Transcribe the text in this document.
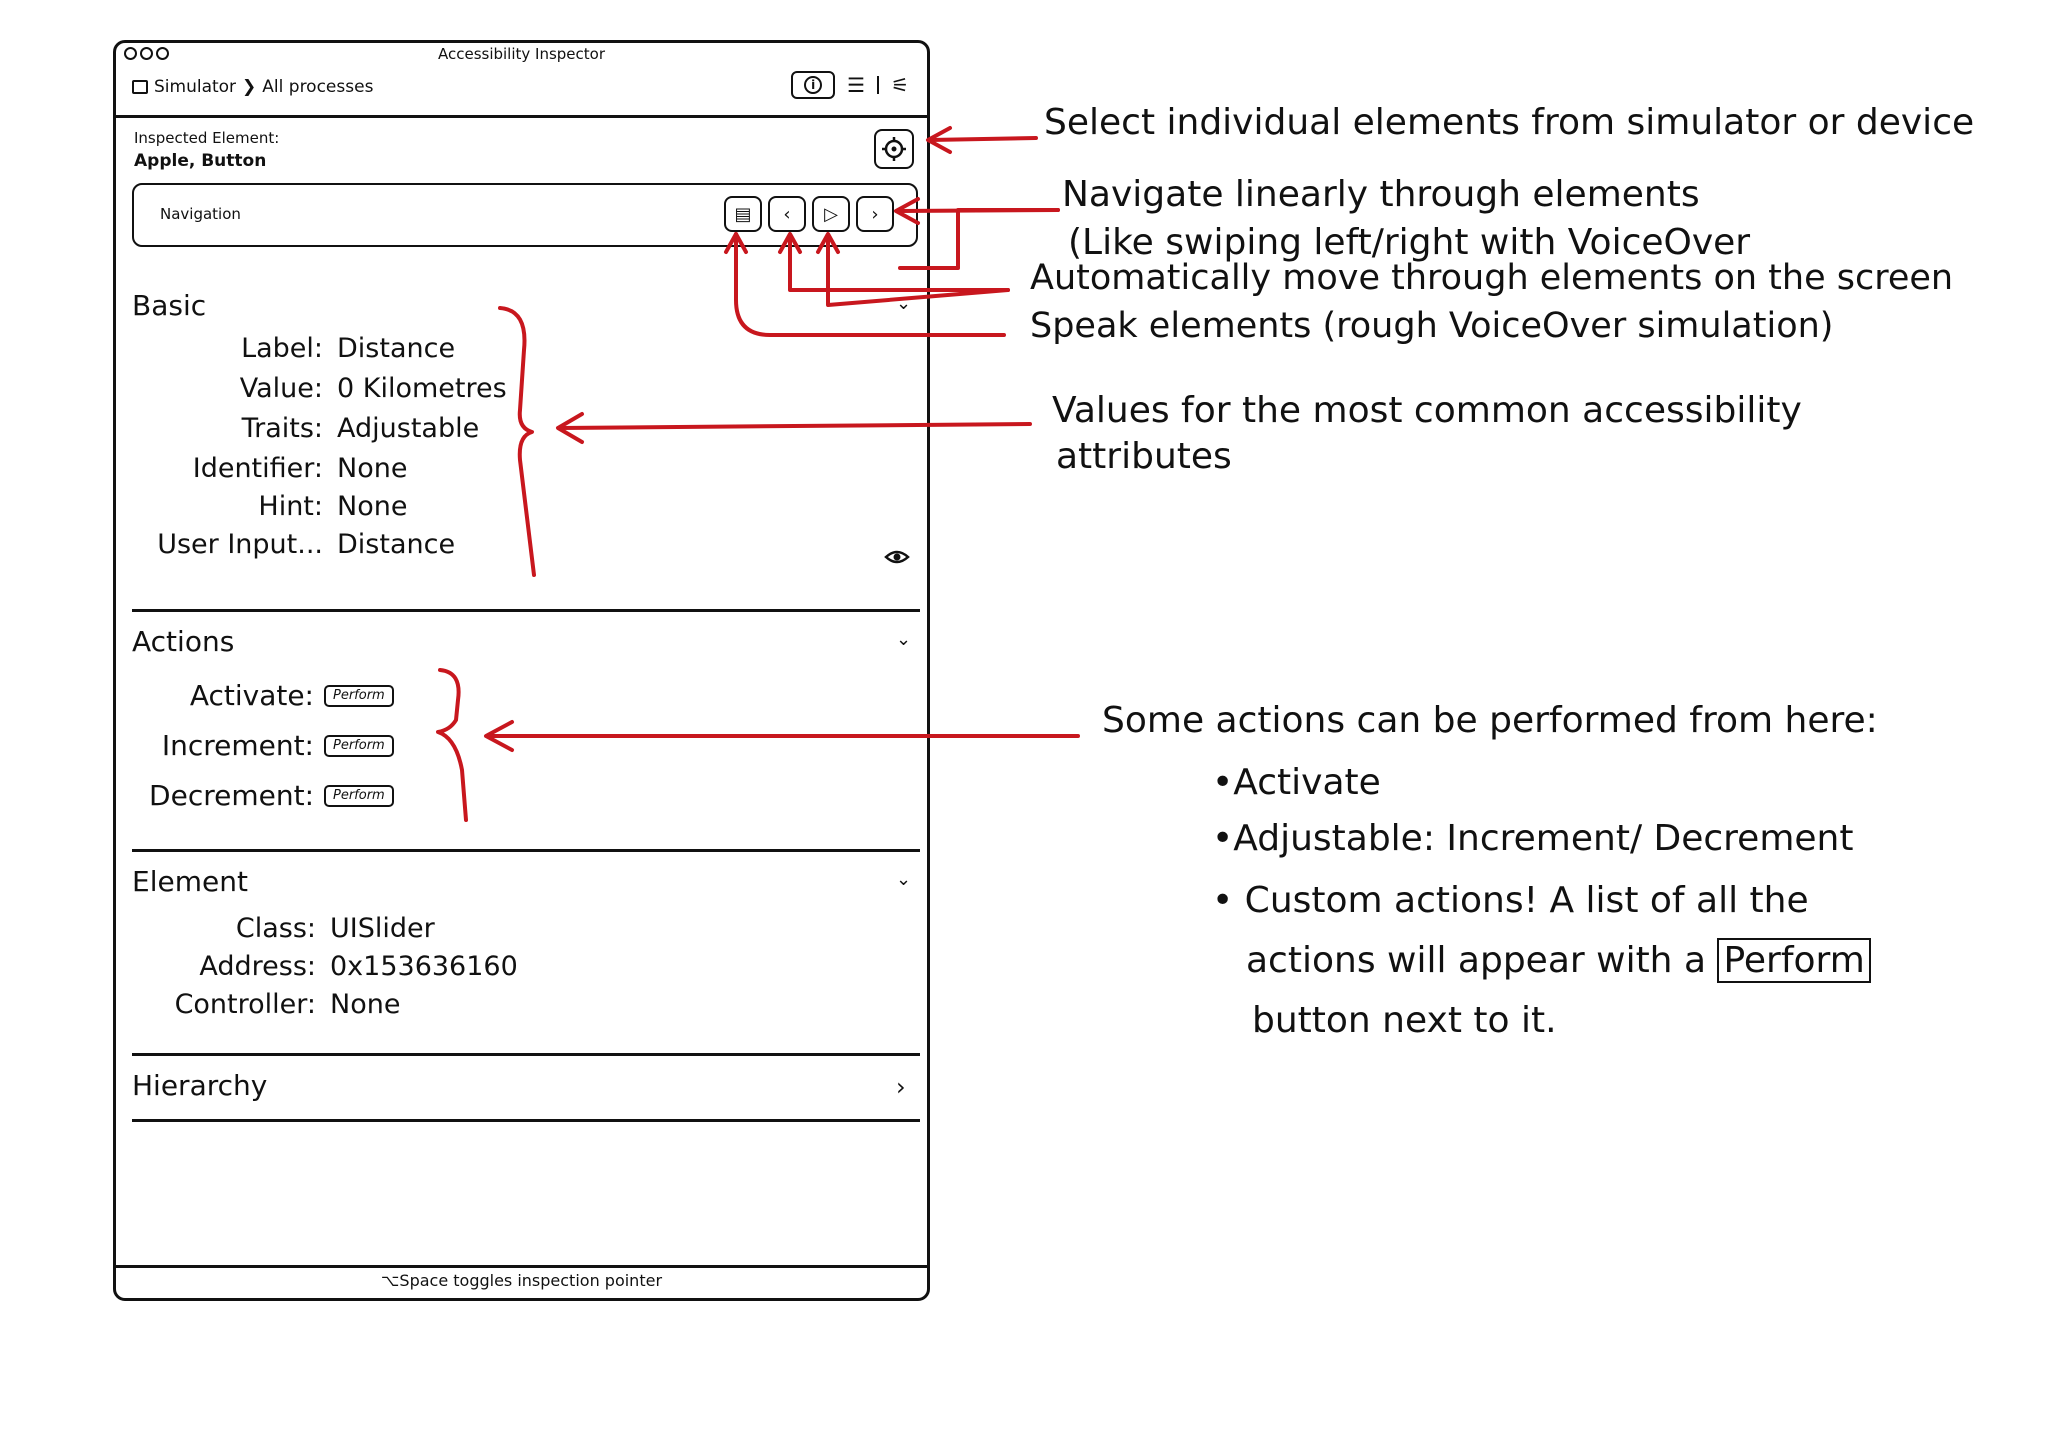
Accessibility Inspector
Simulator ❯ All processes	i	☰ ⚟
Inspected Element:
Apple, Button
Navigation	▤ ‹ ▷ ›
Basic	⌄
Label: Distance
Value: 0 Kilometres
Traits: Adjustable
Identifier: None
Hint: None
User Input... Distance
Actions	⌄
Activate:	Perform
Increment:	Perform
Decrement:	Perform
Element	⌄
Class: UISlider
Address: 0x153636160
Controller: None
Hierarchy	›
⌥Space toggles inspection pointer
Select individual elements from simulator or device
Navigate linearly through elements
(Like swiping left/right with VoiceOver
Automatically move through elements on the screen
Speak elements (rough VoiceOver simulation)
Values for the most common accessibility
attributes
Some actions can be performed from here:
•Activate
•Adjustable: Increment/ Decrement
• Custom actions! A list of all the
actions will appear with a Perform
button next to it.
